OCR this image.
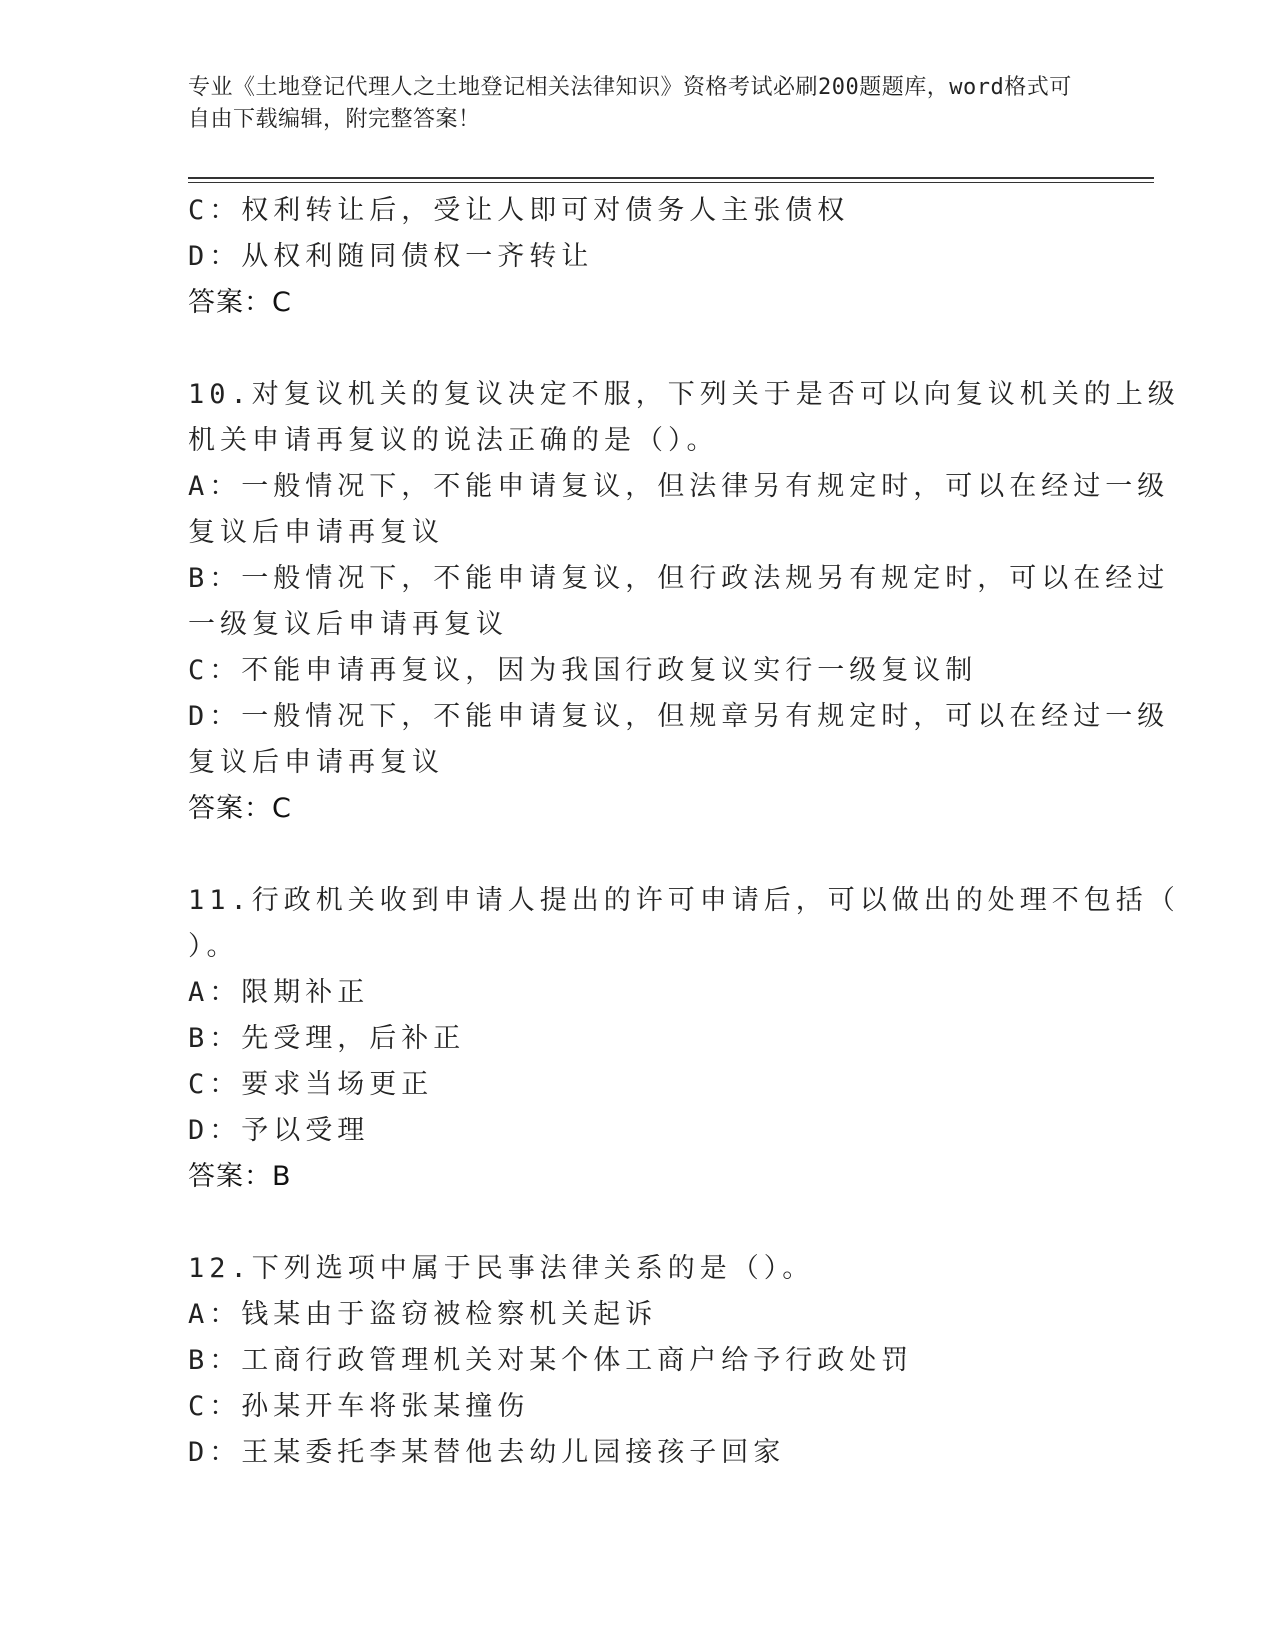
专业《土地登记代理人之土地登记相关法律知识》资格考试必刷200题题库，word格式可自由下载编辑，附完整答案！
C：权利转让后，受让人即可对债务人主张债权
D：从权利随同债权一齐转让
答案：C
10.对复议机关的复议决定不服，下列关于是否可以向复议机关的上级
机关申请再复议的说法正确的是（）。
A：一般情况下，不能申请复议，但法律另有规定时，可以在经过一级
复议后申请再复议
B：一般情况下，不能申请复议，但行政法规另有规定时，可以在经过
一级复议后申请再复议
C：不能申请再复议，因为我国行政复议实行一级复议制
D：一般情况下，不能申请复议，但规章另有规定时，可以在经过一级
复议后申请再复议
答案：C
11.行政机关收到申请人提出的许可申请后，可以做出的处理不包括（
）。
A：限期补正
B：先受理，后补正
C：要求当场更正
D：予以受理
答案：B
12.下列选项中属于民事法律关系的是（）。
A：钱某由于盗窃被检察机关起诉
B：工商行政管理机关对某个体工商户给予行政处罚
C：孙某开车将张某撞伤
D：王某委托李某替他去幼儿园接孩子回家
